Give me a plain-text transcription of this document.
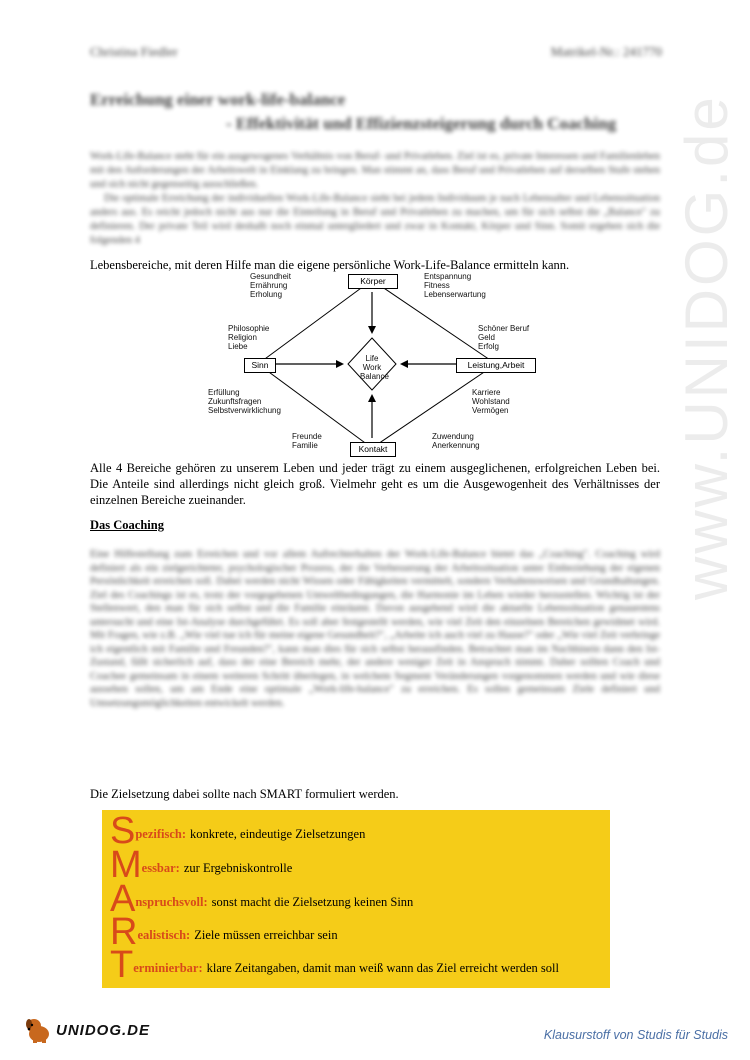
www.UNIDOG.de
Christina Fiedler	Matrikel-Nr.: 241770
Erreichung einer work-life-balance
- Effektivität und Effizienzsteigerung durch Coaching
Work-Life-Balance steht für ein ausgewogenes Verhältnis von Beruf- und Privatleben. Ziel ist es, private Interessen und Familienleben mit den Anforderungen der Arbeitswelt in Einklang zu bringen. Man stimmt an, dass Beruf und Privatleben auf derselben Stufe stehen und sich nicht gegenseitig ausschließen.
Die optimale Erreichung der individuellen Work-Life-Balance sieht bei jedem Individuum je nach Lebensalter und Lebenssituation anders aus. Es reicht jedoch nicht aus nur die Einteilung in Beruf und Privatleben zu machen, um für sich selbst die „Balance" zu definieren. Der private Teil wird deshalb noch einmal untergliedert und zwar in Kontakt, Körper und Sinn. Somit ergeben sich die folgenden 4
Lebensbereiche, mit deren Hilfe man die eigene persönliche Work-Life-Balance ermitteln kann.
Life
Work
Balance
Körper
Sinn	Leistung,Arbeit
Kontakt
Gesundheit
Ernährung
Erholung
Entspannung
Fitness
Lebenserwartung
Philosophie
Religion
Liebe
Schöner Beruf
Geld
Erfolg
Erfüllung
Zukunftsfragen
Selbstverwirklichung
Karriere
Wohlstand
Vermögen
Freunde
Familie
Zuwendung
Anerkennung
Alle 4 Bereiche gehören zu unserem Leben und jeder trägt zu einem ausgeglichenen, erfolgreichen Leben bei. Die Anteile sind allerdings nicht gleich groß. Vielmehr geht es um die Ausgewogenheit des Verhältnisses der einzelnen Bereiche zueinander.
Das Coaching
Eine Hilfestellung zum Erreichen und vor allem Aufrechterhalten der Work-Life-Balance bietet das „Coaching". Coaching wird definiert als ein zielgerichteter, psychologischer Prozess, der die Verbesserung der Arbeitssituation unter Einbeziehung der eigenen Persönlichkeit erreichen soll. Dabei werden nicht Wissen oder Fähigkeiten vermittelt, sondern Verhaltensweisen und Grundhaltungen. Ziel des Coachings ist es, trotz der vorgegebenen Umweltbedingungen, die Harmonie im Leben wieder herzustellen. Wichtig ist der Stellenwert, den man für sich selbst und die Familie einräumt. Davon ausgehend wird die aktuelle Lebenssituation genauestens untersucht und eine Ist-Analyse durchgeführt. Es soll aber festgestellt werden, wie viel Zeit den einzelnen Bereichen gewidmet wird. Mit Fragen, wie z.B. „Wie viel tue ich für meine eigene Gesundheit?", „Arbeite ich auch viel zu Hause?" oder „Wie viel Zeit verbringe ich eigentlich mit Familie und Freunden?", kann man dies für sich selbst herausfinden. Betrachtet man im Nachhinein dann den Ist-Zustand, fällt sicherlich auf, dass der eine Bereich mehr, der andere weniger Zeit in Anspruch nimmt. Daher sollten Coach und Coachee gemeinsam in einem weiteren Schritt überlegen, in welchem Segment Veränderungen vorgenommen werden und wie diese aussehen sollen, um am Ende eine optimale „Work-life-balance" zu erreichen. Es sollen gemeinsam Ziele definiert und Umsetzungsmöglichkeiten entwickelt werden.
Die Zielsetzung dabei sollte nach SMART formuliert werden.
S pezifisch: konkrete, eindeutige Zielsetzungen
M essbar: zur Ergebniskontrolle
A nspruchsvoll: sonst macht die Zielsetzung keinen Sinn
R ealistisch: Ziele müssen erreichbar sein
T erminierbar: klare Zeitangaben, damit man weiß wann das Ziel erreicht werden soll
UNIDOG.DE	Klausurstoff von Studis für Studis
